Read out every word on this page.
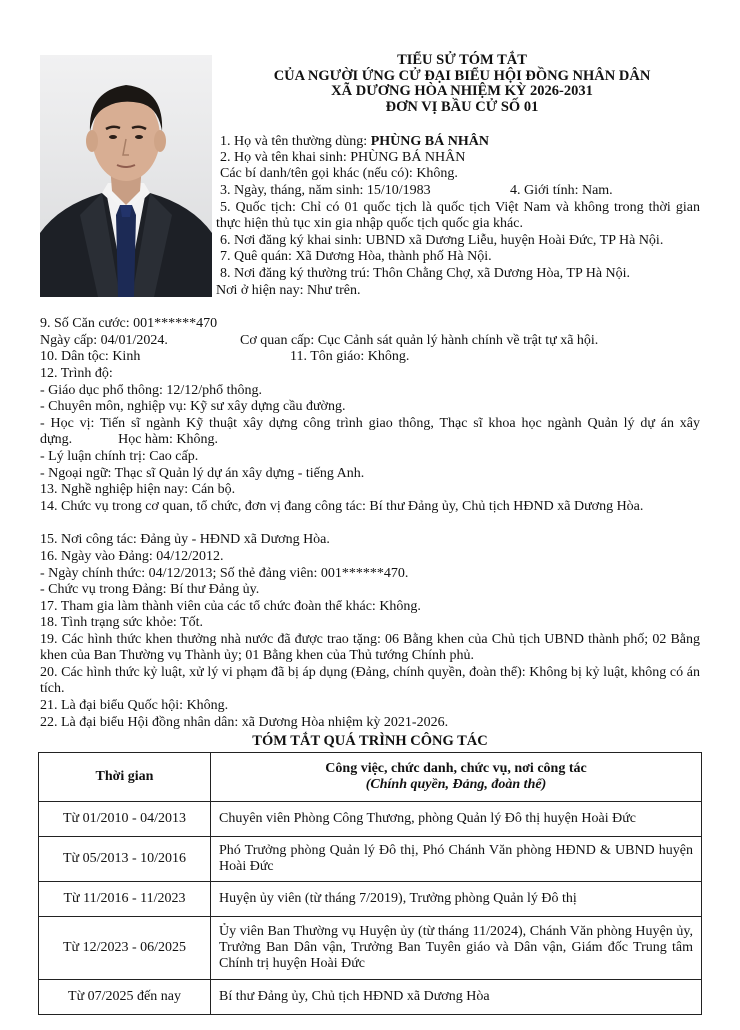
TIỂU SỬ TÓM TẮT
CỦA NGƯỜI ỨNG CỬ ĐẠI BIỂU HỘI ĐỒNG NHÂN DÂN
XÃ DƯƠNG HÒA NHIỆM KỲ 2026-2031
ĐƠN VỊ BẦU CỬ SỐ 01
1. Họ và tên thường dùng: PHÙNG BÁ NHÂN
2. Họ và tên khai sinh: PHÙNG BÁ NHÂN
Các bí danh/tên gọi khác (nếu có): Không.
3. Ngày, tháng, năm sinh: 15/10/1983	4. Giới tính: Nam.
5. Quốc tịch: Chỉ có 01 quốc tịch là quốc tịch Việt Nam và không trong thời gian thực hiện thủ tục xin gia nhập quốc tịch quốc gia khác.
6. Nơi đăng ký khai sinh: UBND xã Dương Liễu, huyện Hoài Đức, TP Hà Nội.
7. Quê quán: Xã Dương Hòa, thành phố Hà Nội.
8. Nơi đăng ký thường trú: Thôn Chằng Chợ, xã Dương Hòa, TP Hà Nội.
Nơi ở hiện nay: Như trên.
9. Số Căn cước: 001******470
Ngày cấp: 04/01/2024.	Cơ quan cấp: Cục Cảnh sát quản lý hành chính về trật tự xã hội.
10. Dân tộc: Kinh	11. Tôn giáo: Không.
12. Trình độ:
- Giáo dục phổ thông: 12/12/phổ thông.
- Chuyên môn, nghiệp vụ: Kỹ sư xây dựng cầu đường.
- Học vị: Tiến sĩ ngành Kỹ thuật xây dựng công trình giao thông, Thạc sĩ khoa học ngành Quản lý dự án xây dựng.	Học hàm: Không.
- Lý luận chính trị: Cao cấp.
- Ngoại ngữ: Thạc sĩ Quản lý dự án xây dựng - tiếng Anh.
13. Nghề nghiệp hiện nay: Cán bộ.
14. Chức vụ trong cơ quan, tổ chức, đơn vị đang công tác: Bí thư Đảng ủy, Chủ tịch HĐND xã Dương Hòa.
15. Nơi công tác: Đảng ủy - HĐND xã Dương Hòa.
16. Ngày vào Đảng: 04/12/2012.
- Ngày chính thức: 04/12/2013; Số thẻ đảng viên: 001******470.
- Chức vụ trong Đảng: Bí thư Đảng ủy.
17. Tham gia làm thành viên của các tổ chức đoàn thể khác: Không.
18. Tình trạng sức khỏe: Tốt.
19. Các hình thức khen thưởng nhà nước đã được trao tặng: 06 Bằng khen của Chủ tịch UBND thành phố; 02 Bằng khen của Ban Thường vụ Thành ủy; 01 Bằng khen của Thủ tướng Chính phủ.
20. Các hình thức kỷ luật, xử lý vi phạm đã bị áp dụng (Đảng, chính quyền, đoàn thể): Không bị kỷ luật, không có án tích.
21. Là đại biểu Quốc hội: Không.
22. Là đại biểu Hội đồng nhân dân: xã Dương Hòa nhiệm kỳ 2021-2026.
TÓM TẮT QUÁ TRÌNH CÔNG TÁC
Thời gian	Công việc, chức danh, chức vụ, nơi công tác
(Chính quyền, Đảng, đoàn thể)

Từ 01/2010 - 04/2013	Chuyên viên Phòng Công Thương, phòng Quản lý Đô thị huyện Hoài Đức
Từ 05/2013 - 10/2016	Phó Trưởng phòng Quản lý Đô thị, Phó Chánh Văn phòng HĐND & UBND huyện Hoài Đức
Từ 11/2016 - 11/2023	Huyện ủy viên (từ tháng 7/2019), Trưởng phòng Quản lý Đô thị
Từ 12/2023 - 06/2025	Ủy viên Ban Thường vụ Huyện ủy (từ tháng 11/2024), Chánh Văn phòng Huyện ủy, Trưởng Ban Dân vận, Trưởng Ban Tuyên giáo và Dân vận, Giám đốc Trung tâm Chính trị huyện Hoài Đức
Từ 07/2025 đến nay	Bí thư Đảng ủy, Chủ tịch HĐND xã Dương Hòa
